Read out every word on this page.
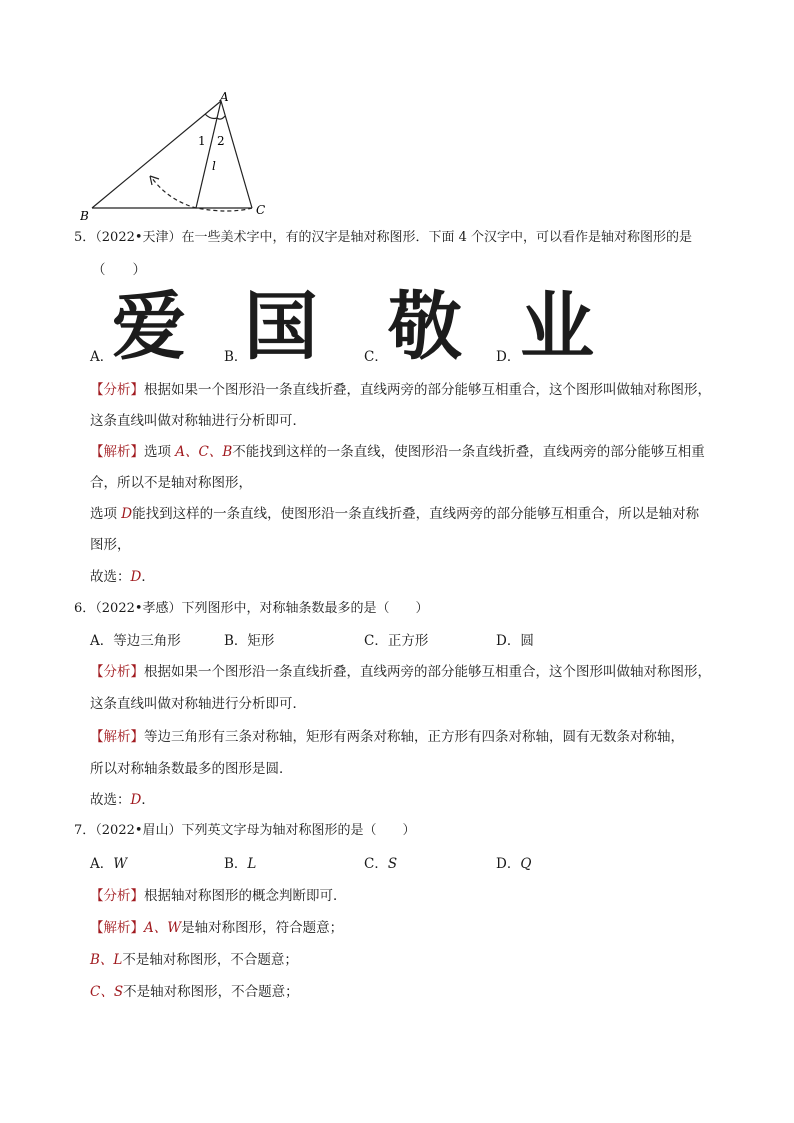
A
B	C
1 2
l
5．（2022•天津）在一些美术字中，有的汉字是轴对称图形．下面 4 个汉字中，可以看作是轴对称图形的是
（　　）
A．
爱	B．
国	C． 敬	D． 业
【分析】根据如果一个图形沿一条直线折叠，直线两旁的部分能够互相重合，这个图形叫做轴对称图形，
这条直线叫做对称轴进行分析即可．
【解析】选项 A、C、B不能找到这样的一条直线，使图形沿一条直线折叠，直线两旁的部分能够互相重
合，所以不是轴对称图形，
选项 D能找到这样的一条直线，使图形沿一条直线折叠，直线两旁的部分能够互相重合，所以是轴对称
图形，
故选：D．
6．（2022•孝感）下列图形中，对称轴条数最多的是（　　）
A．等边三角形	B．矩形	C．正方形	D．圆
【分析】根据如果一个图形沿一条直线折叠，直线两旁的部分能够互相重合，这个图形叫做轴对称图形，
这条直线叫做对称轴进行分析即可．
【解析】等边三角形有三条对称轴，矩形有两条对称轴，正方形有四条对称轴，圆有无数条对称轴，
所以对称轴条数最多的图形是圆．
故选：D．
7．（2022•眉山）下列英文字母为轴对称图形的是（　　）
A．W	B．L	C．S	D．Q
【分析】根据轴对称图形的概念判断即可．
【解析】A、W是轴对称图形，符合题意；
B、L不是轴对称图形，不合题意；
C、S不是轴对称图形，不合题意；
